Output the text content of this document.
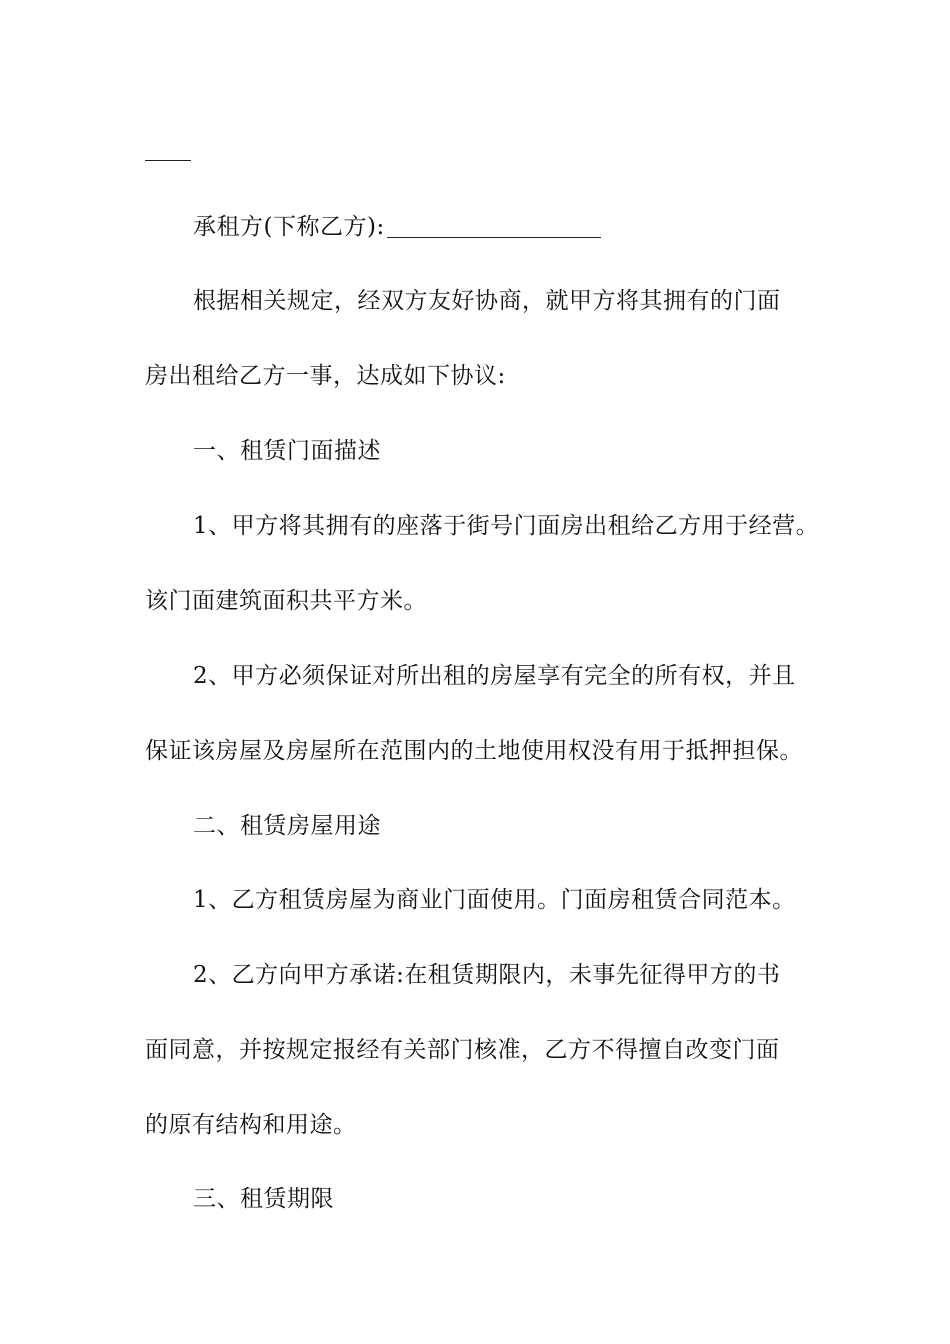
承租方(下称乙方):
根据相关规定，经双方友好协商，就甲方将其拥有的门面
房出租给乙方一事，达成如下协议:
一、租赁门面描述
1、甲方将其拥有的座落于街号门面房出租给乙方用于经营。
该门面建筑面积共平方米。
2、甲方必须保证对所出租的房屋享有完全的所有权，并且
保证该房屋及房屋所在范围内的土地使用权没有用于抵押担保。
二、租赁房屋用途
1、乙方租赁房屋为商业门面使用。门面房租赁合同范本。
2、乙方向甲方承诺:在租赁期限内，未事先征得甲方的书
面同意，并按规定报经有关部门核准，乙方不得擅自改变门面
的原有结构和用途。
三、租赁期限
